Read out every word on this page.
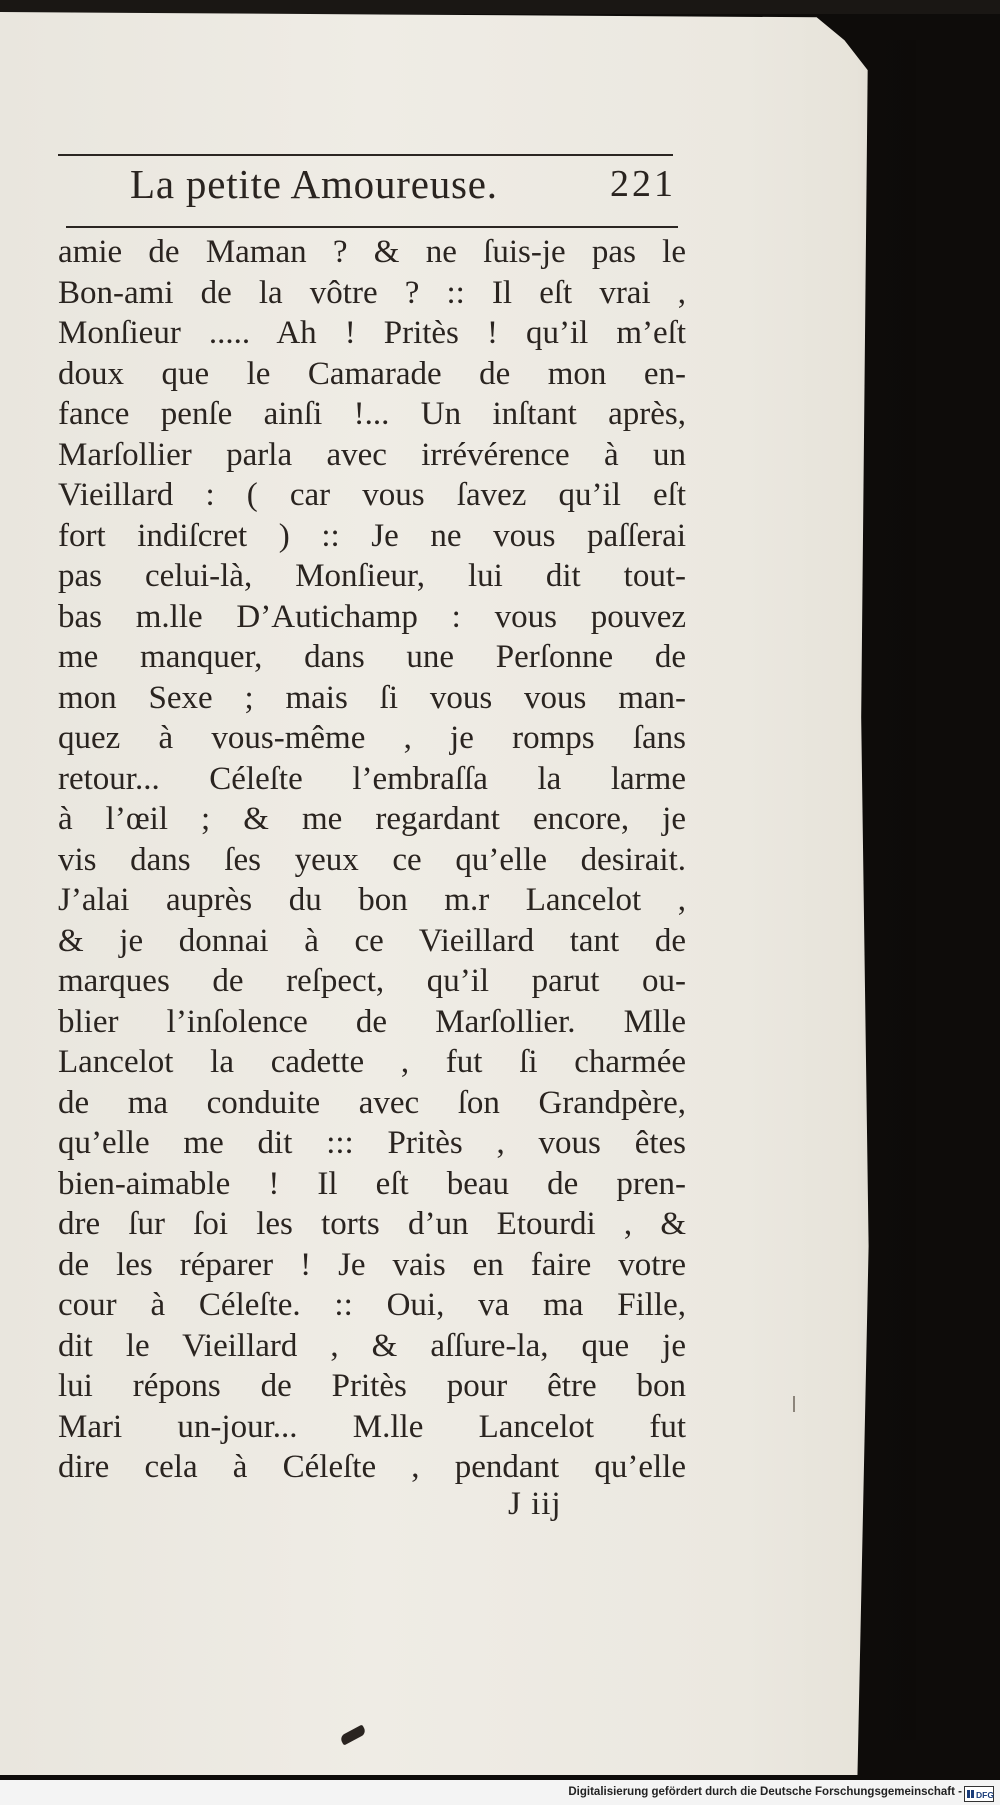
La petite Amoureuse.	221
amie de Maman ? & ne ſuis-je pas le
Bon-ami de la vôtre ? :: Il eſt vrai ,
Monſieur ..... Ah ! Pritès ! qu’il m’eſt
doux que le Camarade de mon en-
fance penſe ainſi !... Un inſtant après,
Marſollier parla avec irrévérence à un
Vieillard : ( car vous ſavez qu’il eſt
fort indiſcret ) :: Je ne vous paſſerai
pas celui-là, Monſieur, lui dit tout-
bas m.lle D’Autichamp : vous pouvez
me manquer, dans une Perſonne de
mon Sexe ; mais ſi vous vous man-
quez à vous-même , je romps ſans
retour... Céleſte l’embraſſa la larme
à l’œil ; & me regardant encore, je
vis dans ſes yeux ce qu’elle desirait.
J’alai auprès du bon m.r Lancelot ,
& je donnai à ce Vieillard tant de
marques de reſpect, qu’il parut ou-
blier l’inſolence de Marſollier. Mlle
Lancelot la cadette , fut ſi charmée
de ma conduite avec ſon Grandpère,
qu’elle me dit ::: Pritès , vous êtes
bien-aimable ! Il eſt beau de pren-
dre ſur ſoi les torts d’un Etourdi , &
de les réparer ! Je vais en faire votre
cour à Céleſte. :: Oui, va ma Fille,
dit le Vieillard , & aſſure-la, que je
lui répons de Pritès pour être bon
Mari un-jour... M.lle Lancelot fut
dire cela à Céleſte , pendant qu’elle
J iij
Digitalisierung gefördert durch die Deutsche Forschungsgemeinschaft - DFG
